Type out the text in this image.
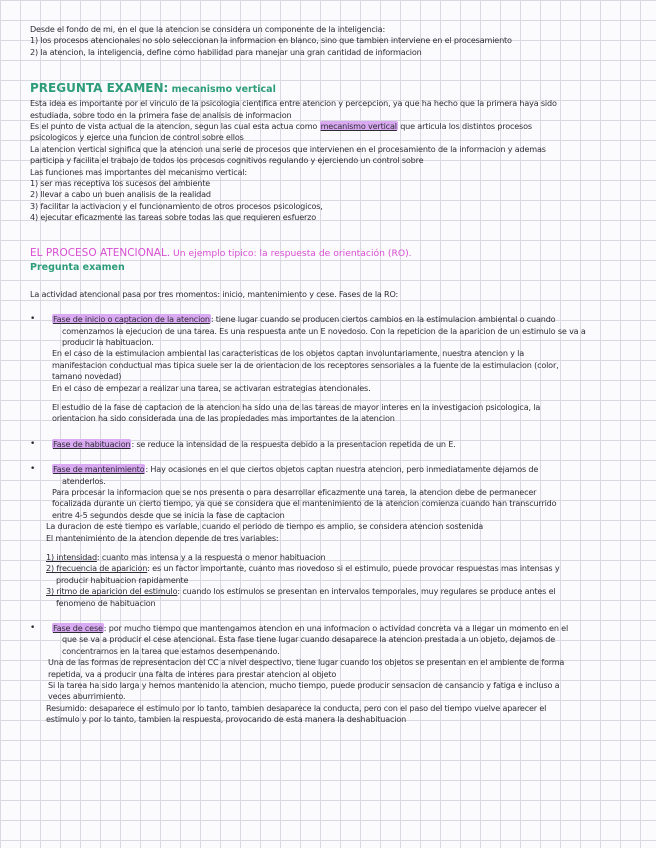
Desde el fondo de mi, en el que la atencion se considera un componente de la inteligencia:
1) los procesos atencionales no solo seleccionan la informacion en blanco, sino que tambien interviene en el procesamiento
2) la atencion, la inteligencia, define como habilidad para manejar una gran cantidad de informacion
PREGUNTA EXAMEN: mecanismo vertical
Esta idea es importante por el vinculo de la psicologia cientifica entre atencion y percepcion, ya que ha hecho que la primera haya sido
estudiada, sobre todo en la primera fase de analisis de informacion
Es el punto de vista actual de la atencion, segun las cual esta actua como mecanismo vertical que articula los distintos procesos
psicologicos y ejerce una funcion de control sobre ellos
La atencion vertical significa que la atencion una serie de procesos que intervienen en el procesamiento de la informacion y ademas
participa y facilita el trabajo de todos los procesos cognitivos regulando y ejerciendo un control sobre
Las funciones mas importantes del mecanismo vertical:
1) ser mas receptiva los sucesos del ambiente
2) llevar a cabo un buen analisis de la realidad
3) facilitar la activacion y el funcionamiento de otros procesos psicologicos,
4) ejecutar eficazmente las tareas sobre todas las que requieren esfuerzo
EL PROCESO ATENCIONAL. Un ejemplo tipico: la respuesta de orientación (RO).
Pregunta examen
La actividad atencional pasa por tres momentos: inicio, mantenimiento y cese. Fases de la RO:
• Fase de inicio o captacion de la atencion: tiene lugar cuando se producen ciertos cambios en la estimulacion ambiental o cuando
comenzamos la ejecucion de una tarea. Es una respuesta ante un E novedoso. Con la repeticion de la aparicion de un estimulo se va a
producir la habituacion.
En el caso de la estimulacion ambiental las caracteristicas de los objetos captan involuntariamente, nuestra atencion y la
manifestacion conductual mas tipica suele ser la de orientacion de los receptores sensoriales a la fuente de la estimulacion (color,
tamano novedad)
En el caso de empezar a realizar una tarea, se activaran estrategias atencionales.
El estudio de la fase de captacion de la atencion ha sido una de las tareas de mayor interes en la investigacion psicologica, la
orientacion ha sido considerada una de las propiedades mas importantes de la atencion
• Fase de habituacion: se reduce la intensidad de la respuesta debido a la presentacion repetida de un E.
• Fase de mantenimiento: Hay ocasiones en el que ciertos objetos captan nuestra atencion, pero inmediatamente dejamos de
atenderlos.
Para procesar la informacion que se nos presenta o para desarrollar eficazmente una tarea, la atencion debe de permanecer
focalizada durante un cierto tiempo, ya que se considera que el mantenimiento de la atencion comienza cuando han transcurrido
entre 4-5 segundos desde que se inicia la fase de captacion
La duracion de este tiempo es variable, cuando el periodo de tiempo es amplio, se considera atencion sostenida
El mantenimiento de la atencion depende de tres variables:
1) intensidad: cuanto mas intensa y a la respuesta o menor habituacion
2) frecuencia de aparicion: es un factor importante, cuanto mas novedoso si el estimulo, puede provocar respuestas mas intensas y
producir habituacion rapidamente
3) ritmo de aparicion del estimulo: cuando los estimulos se presentan en intervalos temporales, muy regulares se produce antes el
fenomeno de habituacion
• Fase de cese: por mucho tiempo que mantengamos atencion en una informacion o actividad concreta va a llegar un momento en el
que se va a producir el cese atencional. Esta fase tiene lugar cuando desaparece la atencion prestada a un objeto, dejamos de
concentrarnos en la tarea que estamos desempenando.
Una de las formas de representacion del CC a nivel despectivo, tiene lugar cuando los objetos se presentan en el ambiente de forma
repetida, va a producir una falta de interes para prestar atencion al objeto
Si la tarea ha sido larga y hemos mantenido la atencion, mucho tiempo, puede producir sensacion de cansancio y fatiga e incluso a
veces aburrimiento.
Resumido: desaparece el estimulo por lo tanto, tambien desaparece la conducta, pero con el paso del tiempo vuelve aparecer el
estimulo y por lo tanto, tambien la respuesta, provocando de esta manera la deshabituacion
